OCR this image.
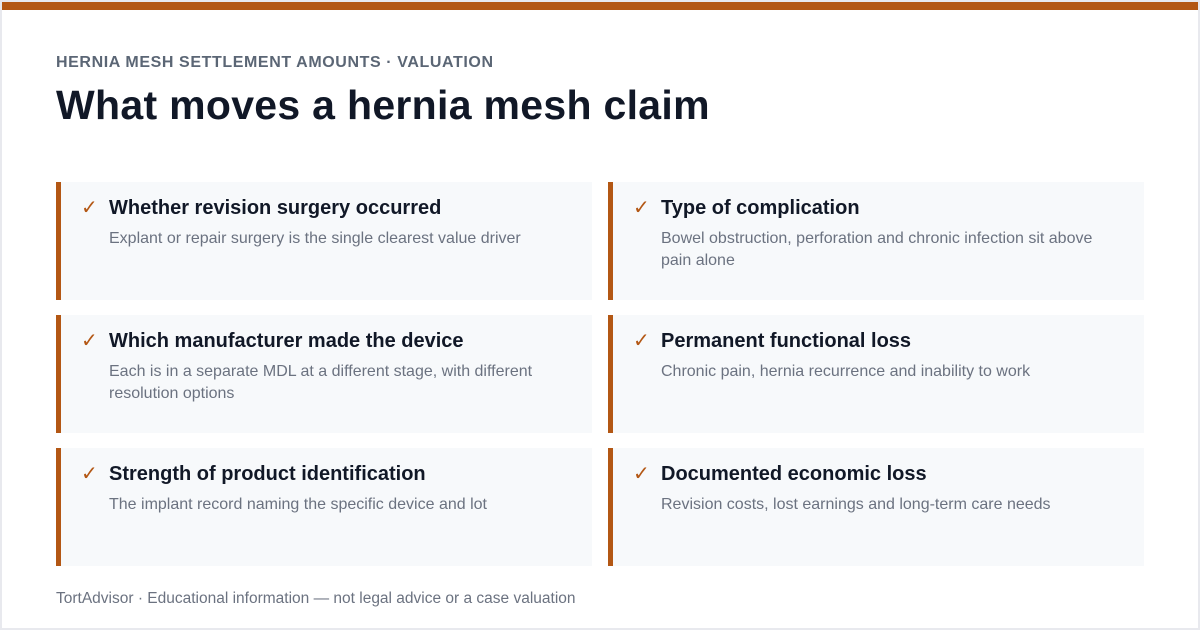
HERNIA MESH SETTLEMENT AMOUNTS · VALUATION
What moves a hernia mesh claim
✓ Whether revision surgery occurred
Explant or repair surgery is the single clearest value driver
✓ Type of complication
Bowel obstruction, perforation and chronic infection sit above pain alone
✓ Which manufacturer made the device
Each is in a separate MDL at a different stage, with different resolution options
✓ Permanent functional loss
Chronic pain, hernia recurrence and inability to work
✓ Strength of product identification
The implant record naming the specific device and lot
✓ Documented economic loss
Revision costs, lost earnings and long-term care needs
TortAdvisor · Educational information — not legal advice or a case valuation
